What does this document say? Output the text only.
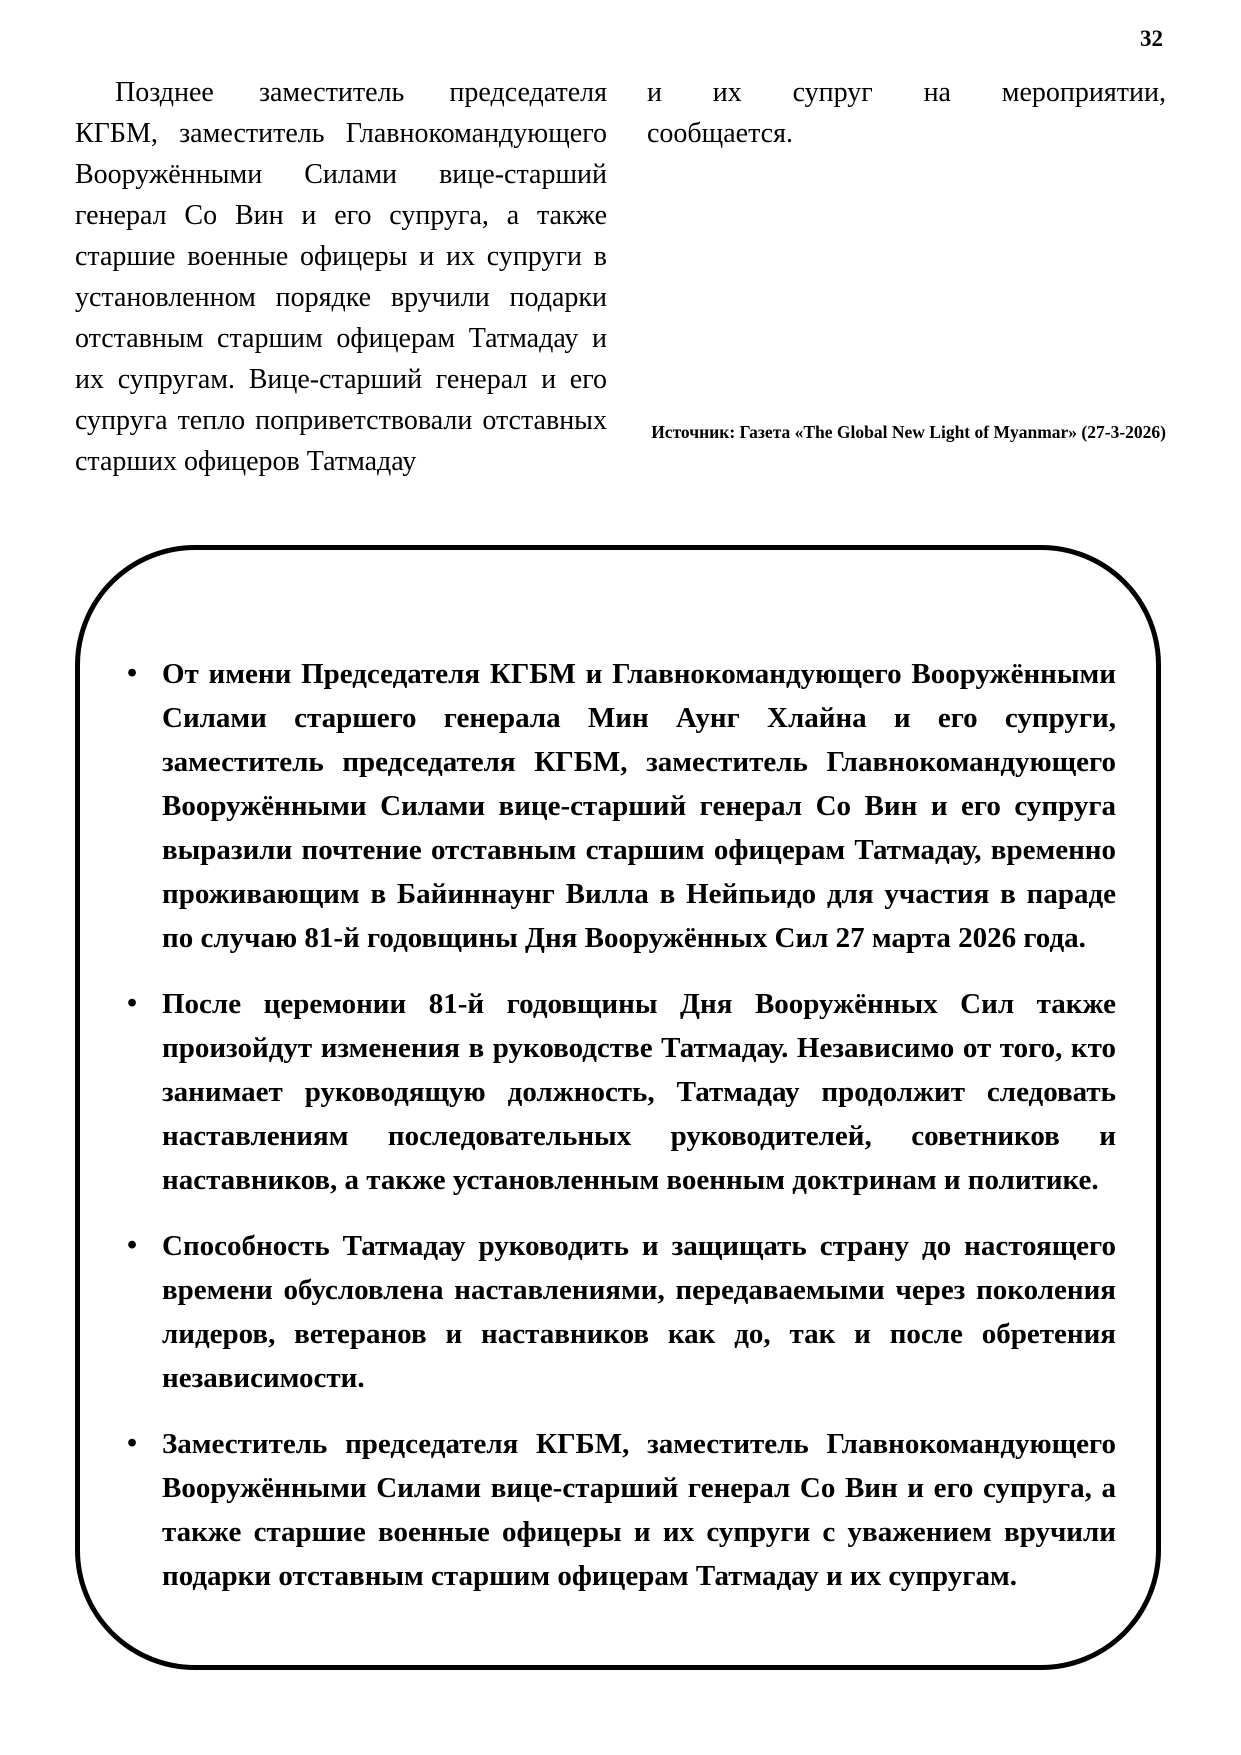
32

Позднее заместитель председателя КГБМ, заместитель Главнокомандующего Вооружёнными Силами вице-старший генерал Со Вин и его супруга, а также старшие военные офицеры и их супруги в установленном порядке вручили подарки отставным старшим офицерам Татмадау и их супругам. Вице-старший генерал и его супруга тепло поприветствовали отставных старших офицеров Татмадау

и их супруг на мероприятии,
сообщается.
Источник: Газета «The Global New Light of Myanmar» (27-3-2026)
• От имени Председателя КГБМ и Главнокомандующего Вооружёнными Силами старшего генерала Мин Аунг Хлайна и его супруги, заместитель председателя КГБМ, заместитель Главнокомандующего Вооружёнными Силами вице-старший генерал Со Вин и его супруга выразили почтение отставным старшим офицерам Татмадау, временно проживающим в Байиннаунг Вилла в Нейпьидо для участия в параде по случаю 81-й годовщины Дня Вооружённых Сил 27 марта 2026 года.
• После церемонии 81-й годовщины Дня Вооружённых Сил также произойдут изменения в руководстве Татмадау. Независимо от того, кто занимает руководящую должность, Татмадау продолжит следовать наставлениям последовательных руководителей, советников и наставников, а также установленным военным доктринам и политике.
• Способность Татмадау руководить и защищать страну до настоящего времени обусловлена наставлениями, передаваемыми через поколения лидеров, ветеранов и наставников как до, так и после обретения независимости.
• Заместитель председателя КГБМ, заместитель Главнокомандующего Вооружёнными Силами вице-старший генерал Со Вин и его супруга, а также старшие военные офицеры и их супруги с уважением вручили подарки отставным старшим офицерам Татмадау и их супругам.
